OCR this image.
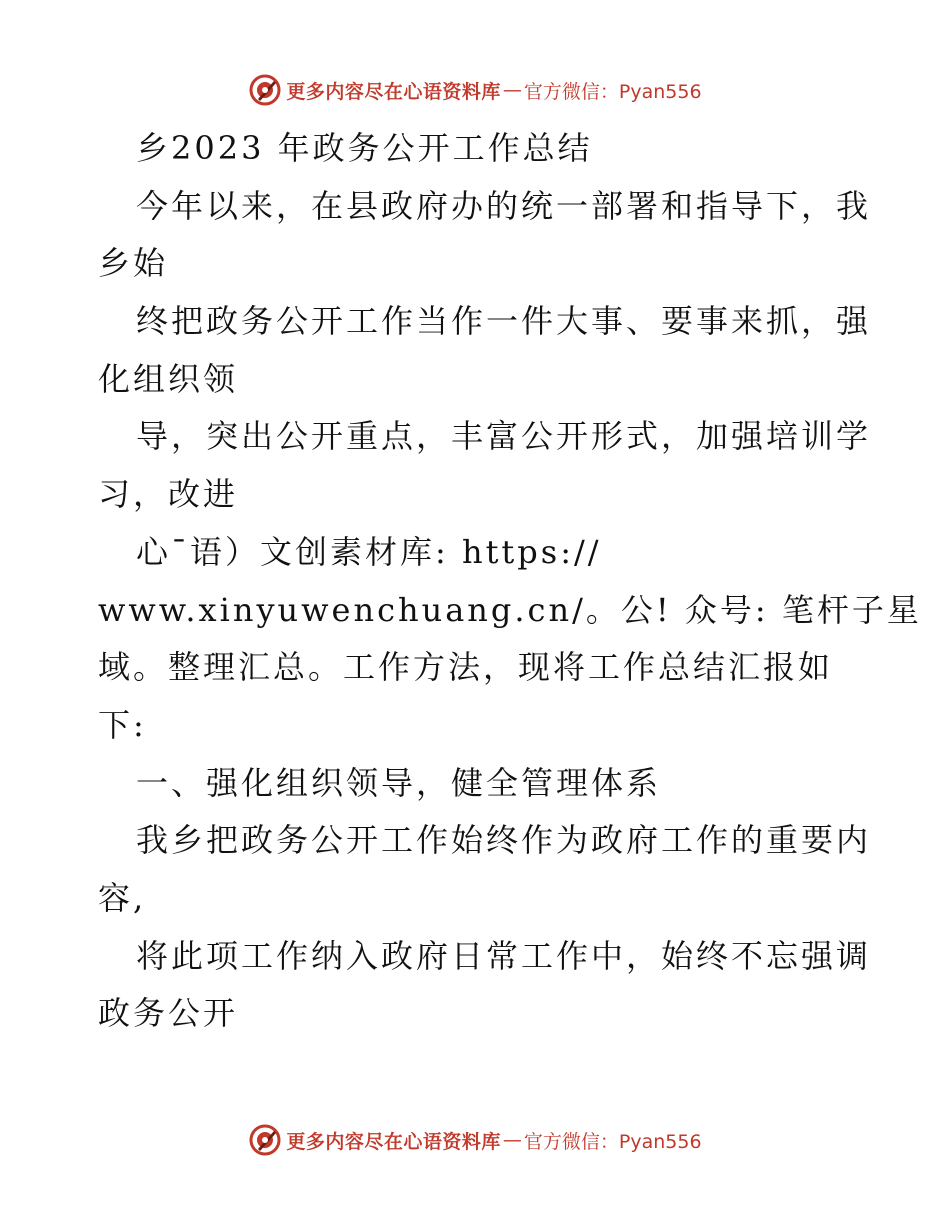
更多内容尽在心语资料库 — 官方微信：Pyan556
乡2023 年政务公开工作总结
今年以来，在县政府办的统一部署和指导下，我
乡始
终把政务公开工作当作一件大事、要事来抓，强
化组织领
导，突出公开重点，丰富公开形式，加强培训学
习，改进
心¯语）文创素材库: https://
www.xinyuwenchuang.cn/。公! 众号: 笔杆子星
域。整理汇总。工作方法，现将工作总结汇报如
下:
一、强化组织领导，健全管理体系
我乡把政务公开工作始终作为政府工作的重要内
容,
将此项工作纳入政府日常工作中，始终不忘强调
政务公开
更多内容尽在心语资料库 — 官方微信：Pyan556
